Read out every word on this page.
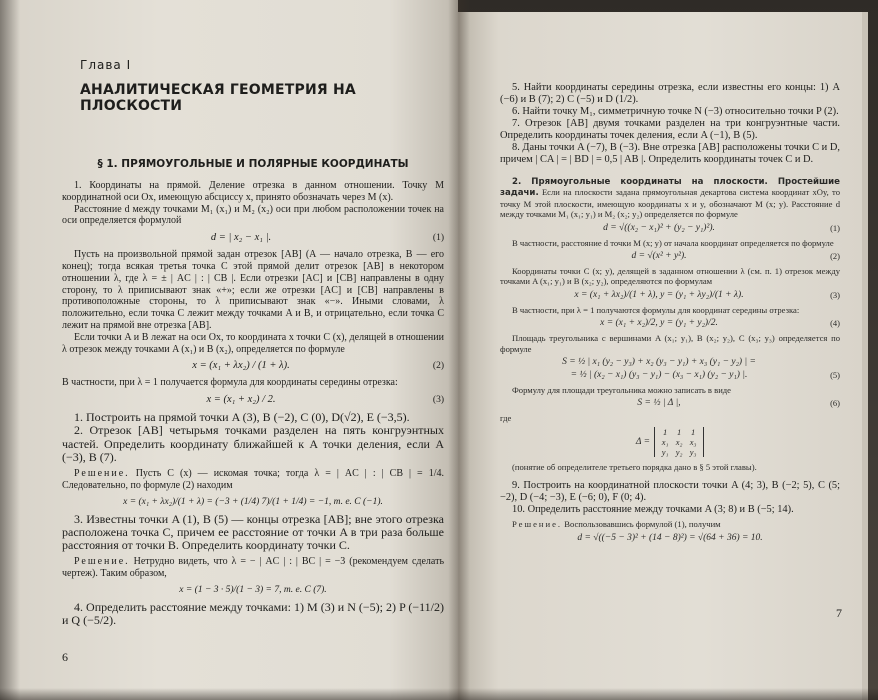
Глава I
АНАЛИТИЧЕСКАЯ ГЕОМЕТРИЯ НА ПЛОСКОСТИ
§ 1. ПРЯМОУГОЛЬНЫЕ И ПОЛЯРНЫЕ КООРДИНАТЫ

1. Координаты на прямой. Деление отрезка в данном отношении. Точку M координатной оси Ox, имеющую абсциссу x, принято обозначать через M (x).

Расстояние d между точками M₁ (x₁) и M₂ (x₂) оси при любом расположении точек на оси определяется формулой

d = | x₂ − x₁ |.	(1)

Пусть на произвольной прямой задан отрезок [AB] (A — начало отрезка, B — его конец); тогда всякая третья точка C этой прямой делит отрезок [AB] в некотором отношении λ, где λ = ± | AC | : | CB |. Если отрезки [AC] и [CB] направлены в одну сторону, то λ приписывают знак «+»; если же отрезки [AC] и [CB] направлены в противоположные стороны, то λ приписывают знак «−». Иными словами, λ положительно, если точка C лежит между точками A и B, и отрицательно, если точка C лежит на прямой вне отрезка [AB].

Если точки A и B лежат на оси Ox, то координата x точки C (x), делящей в отношении λ отрезок между точками A (x₁) и B (x₂), определяется по формуле

x = (x₁ + λx₂) / (1 + λ).	(2)

В частности, при λ = 1 получается формула для координаты середины отрезка:

x = (x₁ + x₂) / 2.	(3)

1. Построить на прямой точки A (3), B (−2), C (0), D(√2), E (−3,5).

2. Отрезок [AB] четырьмя точками разделен на пять конгруэнтных частей. Определить координату ближайшей к A точки деления, если A (−3), B (7).

Решение. Пусть C (x) — искомая точка; тогда λ = | AC | : | CB | = 1/4. Следовательно, по формуле (2) находим

x = (x₁ + λx₂)/(1 + λ) = (−3 + (1/4) 7)/(1 + 1/4) = −1, т. е. C (−1).

3. Известны точки A (1), B (5) — концы отрезка [AB]; вне этого отрезка расположена точка C, причем ее расстояние от точки A в три раза больше расстояния от точки B. Определить координату точки C.

Решение. Нетрудно видеть, что λ = − | AC | : | BC | = −3 (рекомендуем сделать чертеж). Таким образом,

x = (1 − 3 · 5)/(1 − 3) = 7, т. е. C (7).

4. Определить расстояние между точками: 1) M (3) и N (−5); 2) P (−11/2) и Q (−5/2).

6

5. Найти координаты середины отрезка, если известны его концы: 1) A (−6) и B (7); 2) C (−5) и D (1/2).

6. Найти точку M₁, симметричную точке N (−3) относительно точки P (2).

7. Отрезок [AB] двумя точками разделен на три конгруэнтные части. Определить координаты точек деления, если A (−1), B (5).

8. Даны точки A (−7), B (−3). Вне отрезка [AB] расположены точки C и D, причем | CA | = | BD | = 0,5 | AB |. Определить координаты точек C и D.

2. Прямоугольные координаты на плоскости. Простейшие задачи. Если на плоскости задана прямоугольная декартова система координат xOy, то точку M этой плоскости, имеющую координаты x и y, обозначают M (x; y). Расстояние d между точками M₁ (x₁; y₁) и M₂ (x₂; y₂) определяется по формуле

d = √((x₂ − x₁)² + (y₂ − y₁)²).	(1)

В частности, расстояние d точки M (x; y) от начала координат определяется по формуле

d = √(x² + y²).	(2)

Координаты точки C (x; y), делящей в заданном отношении λ (см. п. 1) отрезок между точками A (x₁; y₁) и B (x₂; y₂), определяются по формулам

x = (x₁ + λx₂)/(1 + λ), y = (y₁ + λy₂)/(1 + λ).	(3)

В частности, при λ = 1 получаются формулы для координат середины отрезка:

x = (x₁ + x₂)/2, y = (y₁ + y₂)/2.	(4)

Площадь треугольника с вершинами A (x₁; y₁), B (x₂; y₂), C (x₃; y₃) определяется по формуле

S = ½ | x₁ (y₂ − y₃) + x₂ (y₃ − y₁) + x₃ (y₁ − y₂) | =
= ½ | (x₂ − x₁) (y₃ − y₁) − (x₃ − x₁) (y₂ − y₁) |.	(5)

Формулу для площади треугольника можно записать в виде

S = ½ | Δ |,	(6)

где

Δ =
1 1 1
x₁ x₂ x₃
y₁ y₂ y₃

(понятие об определителе третьего порядка дано в § 5 этой главы).

9. Построить на координатной плоскости точки A (4; 3), B (−2; 5), C (5; −2), D (−4; −3), E (−6; 0), F (0; 4).

10. Определить расстояние между точками A (3; 8) и B (−5; 14).

Решение. Воспользовавшись формулой (1), получим

d = √((−5 − 3)² + (14 − 8)²) = √(64 + 36) = 10.
7
